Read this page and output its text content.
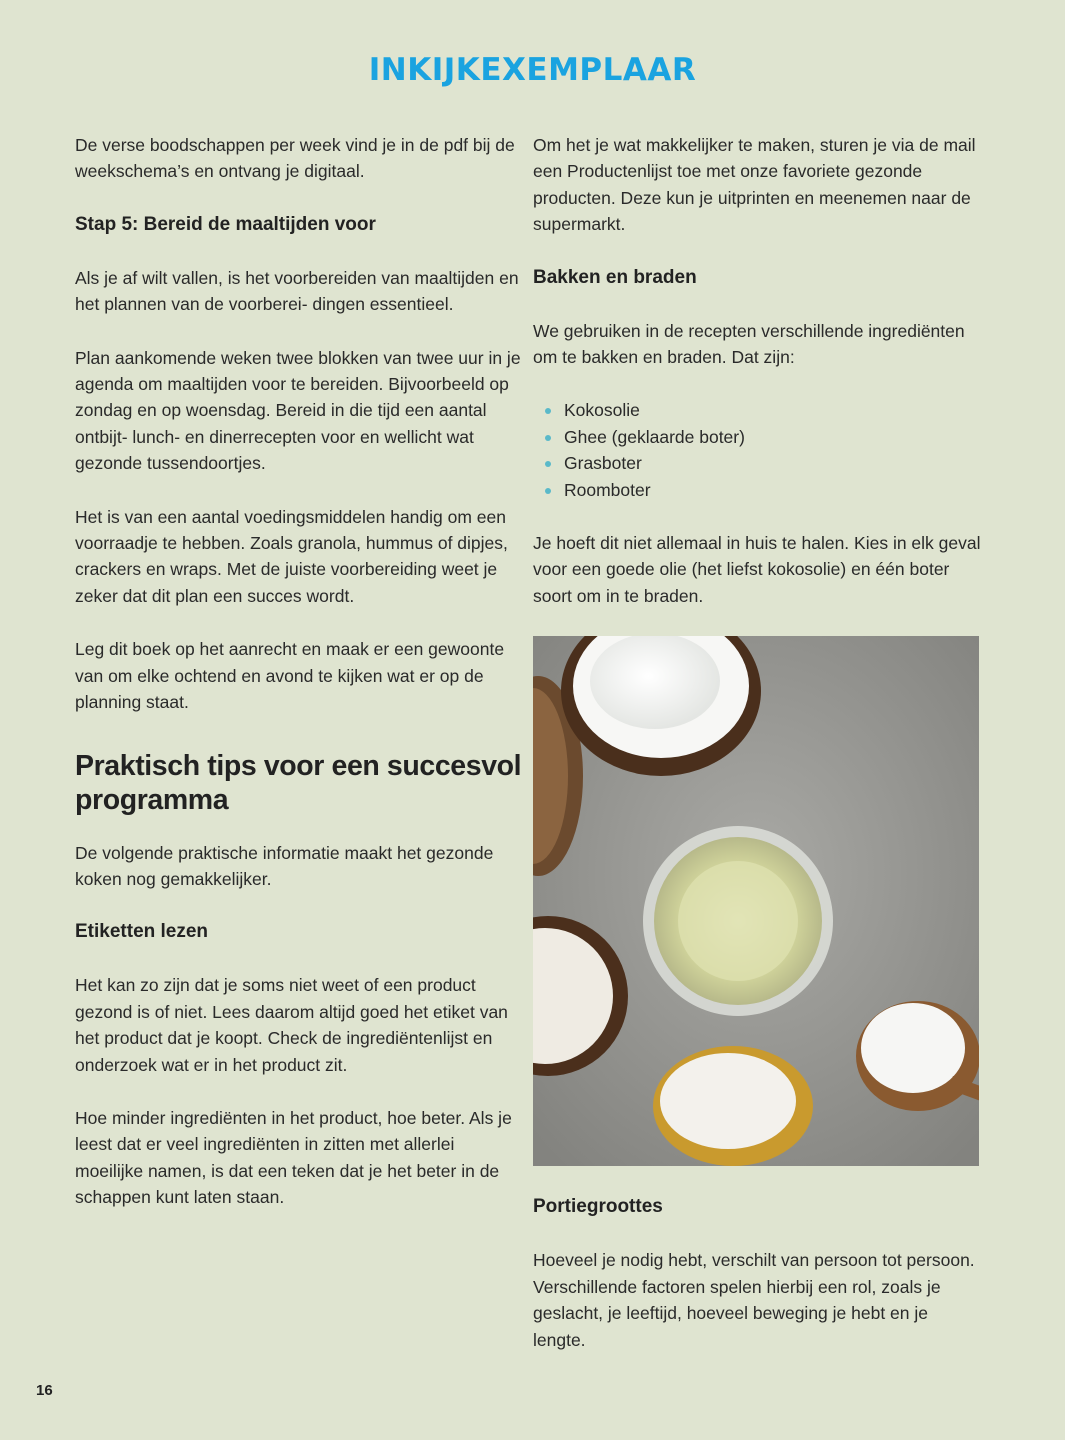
INKIJKEXEMPLAAR

De verse boodschappen per week vind je in de pdf bij de weekschema’s en ontvang je digitaal.

Stap 5: Bereid de maaltijden voor

Als je af wilt vallen, is het voorbereiden van maaltijden en het plannen van de voorberei- dingen essentieel.

Plan aankomende weken twee blokken van twee uur in je agenda om maaltijden voor te bereiden. Bijvoorbeeld op zondag en op woensdag. Bereid in die tijd een aantal ontbijt- lunch- en dinerrecepten voor en wellicht wat gezonde tussendoortjes.

Het is van een aantal voedingsmiddelen handig om een voorraadje te hebben. Zoals granola, hummus of dipjes, crackers en wraps. Met de juiste voorbereiding weet je zeker dat dit plan een succes wordt.

Leg dit boek op het aanrecht en maak er een gewoonte van om elke ochtend en avond te kijken wat er op de planning staat.

Praktisch tips voor een succesvol programma

De volgende praktische informatie maakt het gezonde koken nog gemakkelijker.

Etiketten lezen

Het kan zo zijn dat je soms niet weet of een product gezond is of niet. Lees daarom altijd goed het etiket van het product dat je koopt. Check de ingrediëntenlijst en onderzoek wat er in het product zit.

Hoe minder ingrediënten in het product, hoe beter. Als je leest dat er veel ingrediënten in zitten met allerlei moeilijke namen, is dat een teken dat je het beter in de schappen kunt laten staan.

Om het je wat makkelijker te maken, sturen je via de mail een Productenlijst toe met onze favoriete gezonde producten. Deze kun je uitprinten en meenemen naar de supermarkt.

Bakken en braden

We gebruiken in de recepten verschillende ingrediënten om te bakken en braden. Dat zijn:

Kokosolie
Ghee (geklaarde boter)
Grasboter
Roomboter

Je hoeft dit niet allemaal in huis te halen. Kies in elk geval voor een goede olie (het liefst kokosolie) en één boter soort om in te braden.

Portiegroottes

Hoeveel je nodig hebt, verschilt van persoon tot persoon. Verschillende factoren spelen hierbij een rol, zoals je geslacht, je leeftijd, hoeveel beweging je hebt en je lengte.

16
